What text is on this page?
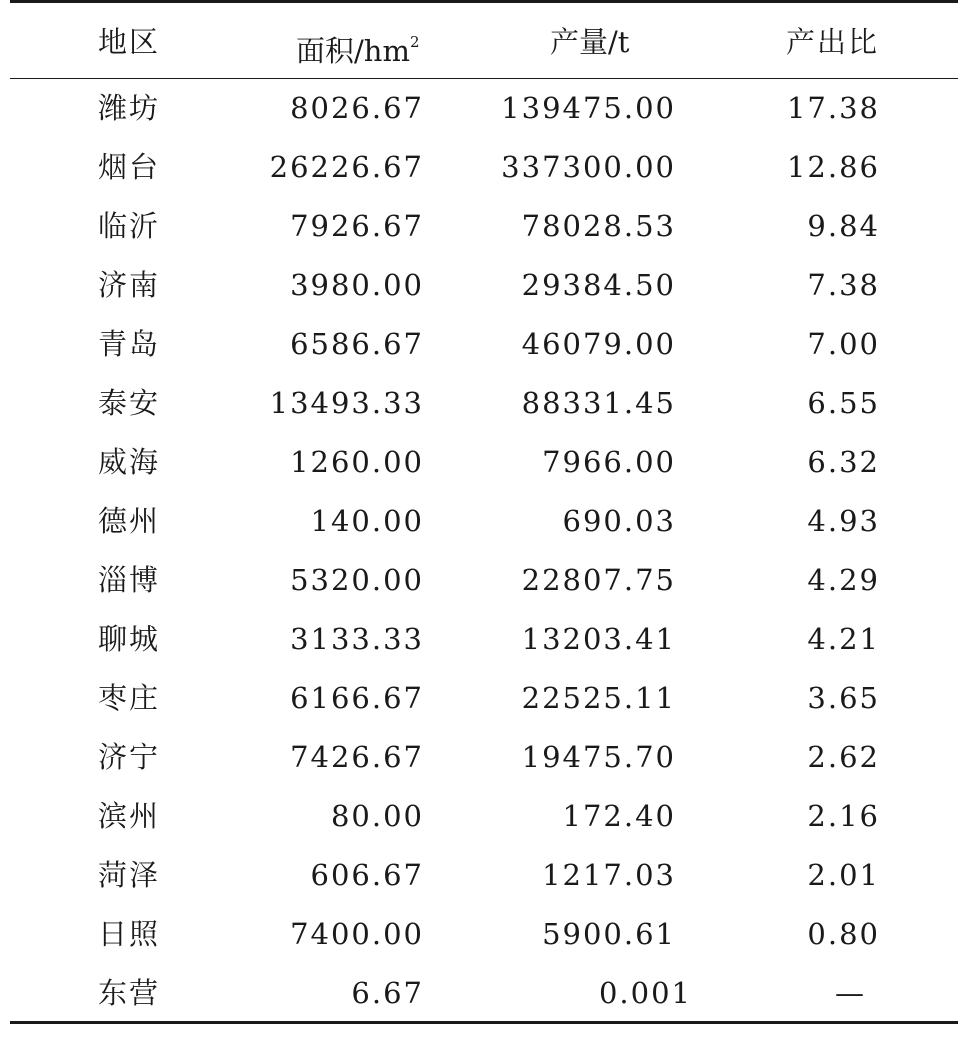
地区	面积$/hm^2$	产量/t	产出比
潍坊	8026.67	139475.00	17.38
烟台	26226.67	337300.00	12.86
临沂	7926.67	78028.53	9.84
济南	3980.00	29384.50	7.38
青岛	6586.67	46079.00	7.00
泰安	13493.33	88331.45	6.55
威海	1260.00	7966.00	6.32
德州	140.00	690.03	4.93
淄博	5320.00	22807.75	4.29
聊城	3133.33	13203.41	4.21
枣庄	6166.67	22525.11	3.65
济宁	7426.67	19475.70	2.62
滨州	80.00	172.40	2.16
菏泽	606.67	1217.03	2.01
日照	7400.00	5900.61	0.80
东营	6.67	0.001	—
